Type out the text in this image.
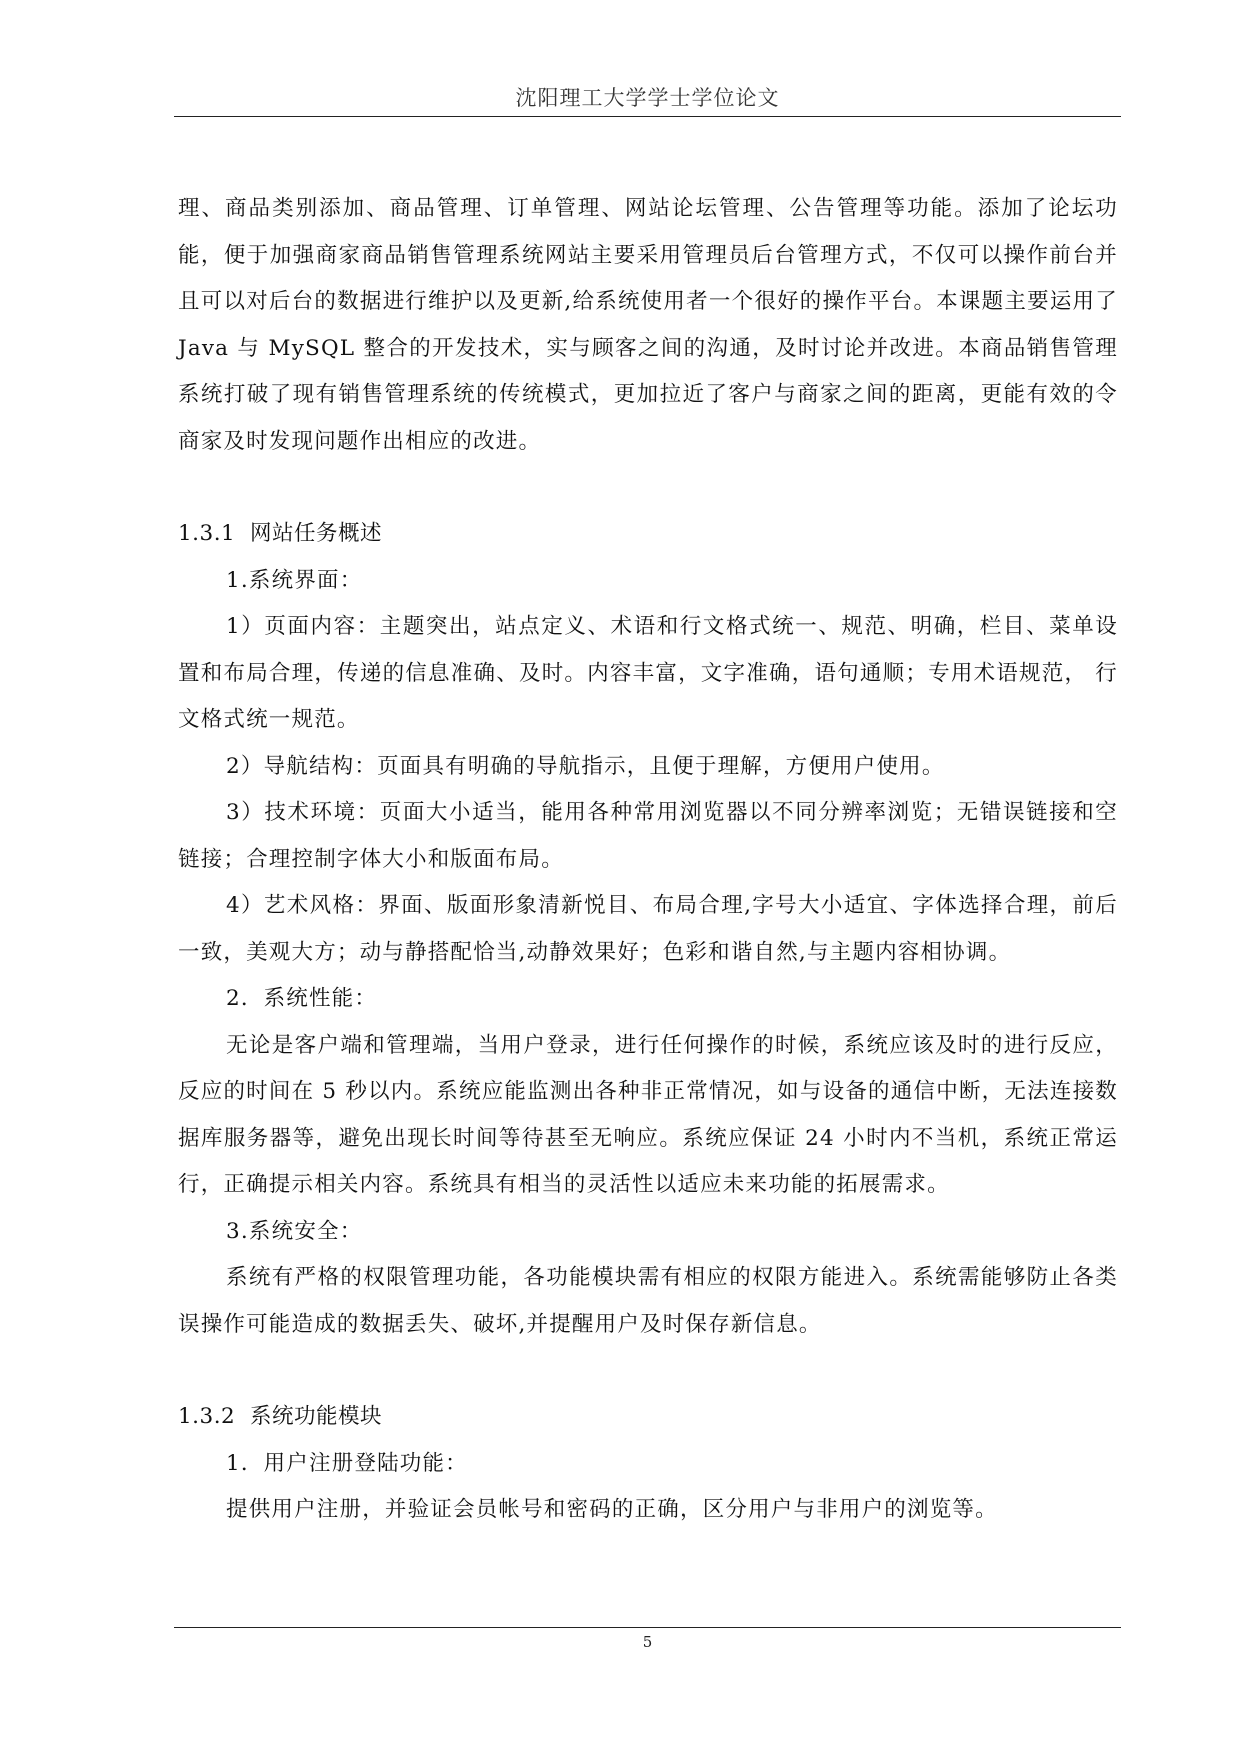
沈阳理工大学学士学位论文

理、商品类别添加、商品管理、订单管理、网站论坛管理、公告管理等功能。添加了论坛功能，便于加强商家商品销售管理系统网站主要采用管理员后台管理方式，不仅可以操作前台并且可以对后台的数据进行维护以及更新,给系统使用者一个很好的操作平台。本课题主要运用了 Java 与 MySQL 整合的开发技术，实与顾客之间的沟通，及时讨论并改进。本商品销售管理系统打破了现有销售管理系统的传统模式，更加拉近了客户与商家之间的距离，更能有效的令商家及时发现问题作出相应的改进。

1.3.1 网站任务概述

1.系统界面：

1）页面内容：主题突出，站点定义、术语和行文格式统一、规范、明确，栏目、菜单设置和布局合理，传递的信息准确、及时。内容丰富，文字准确，语句通顺；专用术语规范， 行文格式统一规范。

2）导航结构：页面具有明确的导航指示，且便于理解，方便用户使用。

3）技术环境：页面大小适当，能用各种常用浏览器以不同分辨率浏览；无错误链接和空链接；合理控制字体大小和版面布局。

4）艺术风格：界面、版面形象清新悦目、布局合理,字号大小适宜、字体选择合理，前后一致，美观大方；动与静搭配恰当,动静效果好；色彩和谐自然,与主题内容相协调。

2．系统性能：

无论是客户端和管理端，当用户登录，进行任何操作的时候，系统应该及时的进行反应，反应的时间在 5 秒以内。系统应能监测出各种非正常情况，如与设备的通信中断，无法连接数据库服务器等，避免出现长时间等待甚至无响应。系统应保证 24 小时内不当机，系统正常运行，正确提示相关内容。系统具有相当的灵活性以适应未来功能的拓展需求。

3.系统安全：

系统有严格的权限管理功能，各功能模块需有相应的权限方能进入。系统需能够防止各类误操作可能造成的数据丢失、破坏,并提醒用户及时保存新信息。

1.3.2 系统功能模块

1．用户注册登陆功能：

提供用户注册，并验证会员帐号和密码的正确，区分用户与非用户的浏览等。

5
